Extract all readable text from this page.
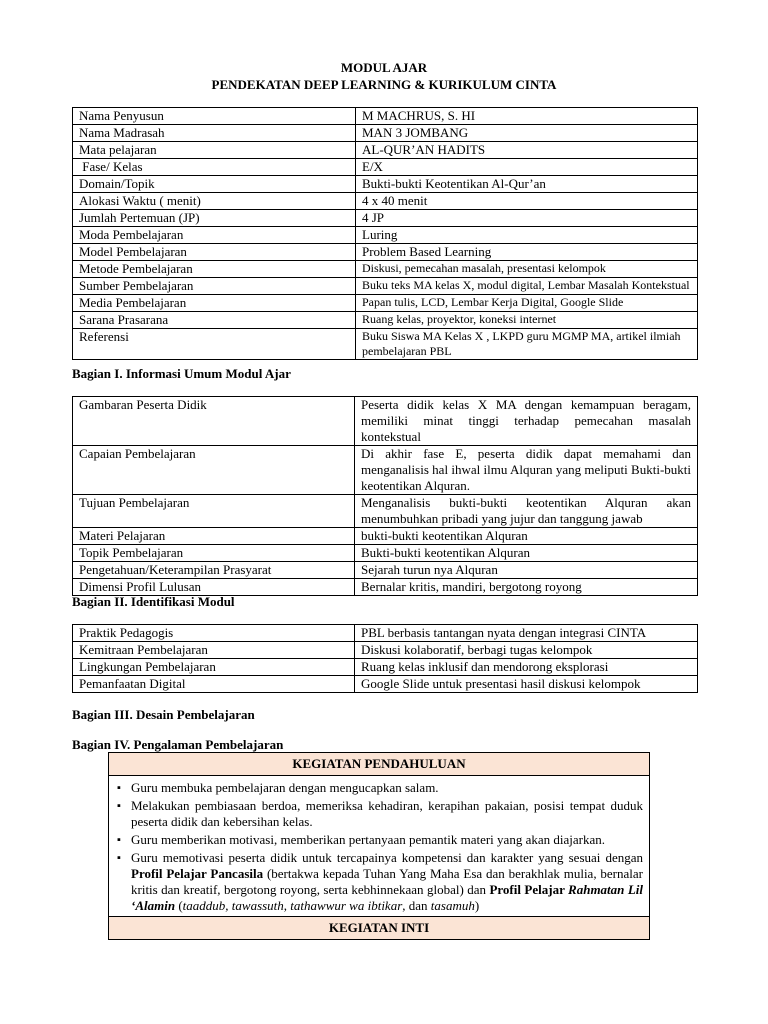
MODUL AJAR
PENDEKATAN DEEP LEARNING & KURIKULUM CINTA
Nama Penyusun	M MACHRUS, S. HI
Nama Madrasah	MAN 3 JOMBANG
Mata pelajaran	AL-QUR’AN HADITS
Fase/ Kelas	E/X
Domain/Topik	Bukti-bukti Keotentikan Al-Qur’an
Alokasi Waktu ( menit)	4 x 40 menit
Jumlah Pertemuan (JP)	4 JP
Moda Pembelajaran	Luring
Model Pembelajaran	Problem Based Learning
Metode Pembelajaran	Diskusi, pemecahan masalah, presentasi kelompok
Sumber Pembelajaran	Buku teks MA kelas X, modul digital, Lembar Masalah Kontekstual
Media Pembelajaran	Papan tulis, LCD, Lembar Kerja Digital, Google Slide
Sarana Prasarana	Ruang kelas, proyektor, koneksi internet
Referensi	Buku Siswa MA Kelas X , LKPD guru MGMP MA, artikel ilmiah pembelajaran PBL
Bagian I. Informasi Umum Modul Ajar
Gambaran Peserta Didik	Peserta didik kelas X MA dengan kemampuan beragam, memiliki minat tinggi terhadap pemecahan masalah kontekstual
Capaian Pembelajaran	Di akhir fase E, peserta didik dapat memahami dan menganalisis hal ihwal ilmu Alquran yang meliputi Bukti-bukti keotentikan Alquran.
Tujuan Pembelajaran	Menganalisis bukti-bukti keotentikan Alquran akan menumbuhkan pribadi yang jujur dan tanggung jawab
Materi Pelajaran	bukti-bukti keotentikan Alquran
Topik Pembelajaran	Bukti-bukti keotentikan Alquran
Pengetahuan/Keterampilan Prasyarat	Sejarah turun nya Alquran
Dimensi Profil Lulusan	Bernalar kritis, mandiri, bergotong royong
Bagian II. Identifikasi Modul
Praktik Pedagogis	PBL berbasis tantangan nyata dengan integrasi CINTA
Kemitraan Pembelajaran	Diskusi kolaboratif, berbagi tugas kelompok
Lingkungan Pembelajaran	Ruang kelas inklusif dan mendorong eksplorasi
Pemanfaatan Digital	Google Slide untuk presentasi hasil diskusi kelompok
Bagian III. Desain Pembelajaran
Bagian IV. Pengalaman Pembelajaran
KEGIATAN PENDAHULUAN

▪ Guru membuka pembelajaran dengan mengucapkan salam.
▪ Melakukan pembiasaan berdoa, memeriksa kehadiran, kerapihan pakaian, posisi tempat duduk peserta didik dan kebersihan kelas.
▪ Guru memberikan motivasi, memberikan pertanyaan pemantik materi yang akan diajarkan.
▪ Guru memotivasi peserta didik untuk tercapainya kompetensi dan karakter yang sesuai dengan Profil Pelajar Pancasila (bertakwa kepada Tuhan Yang Maha Esa dan berakhlak mulia, bernalar kritis dan kreatif, bergotong royong, serta kebhinnekaan global) dan Profil Pelajar Rahmatan Lil ‘Alamin (taaddub, tawassuth, tathawwur wa ibtikar, dan tasamuh)

KEGIATAN INTI
